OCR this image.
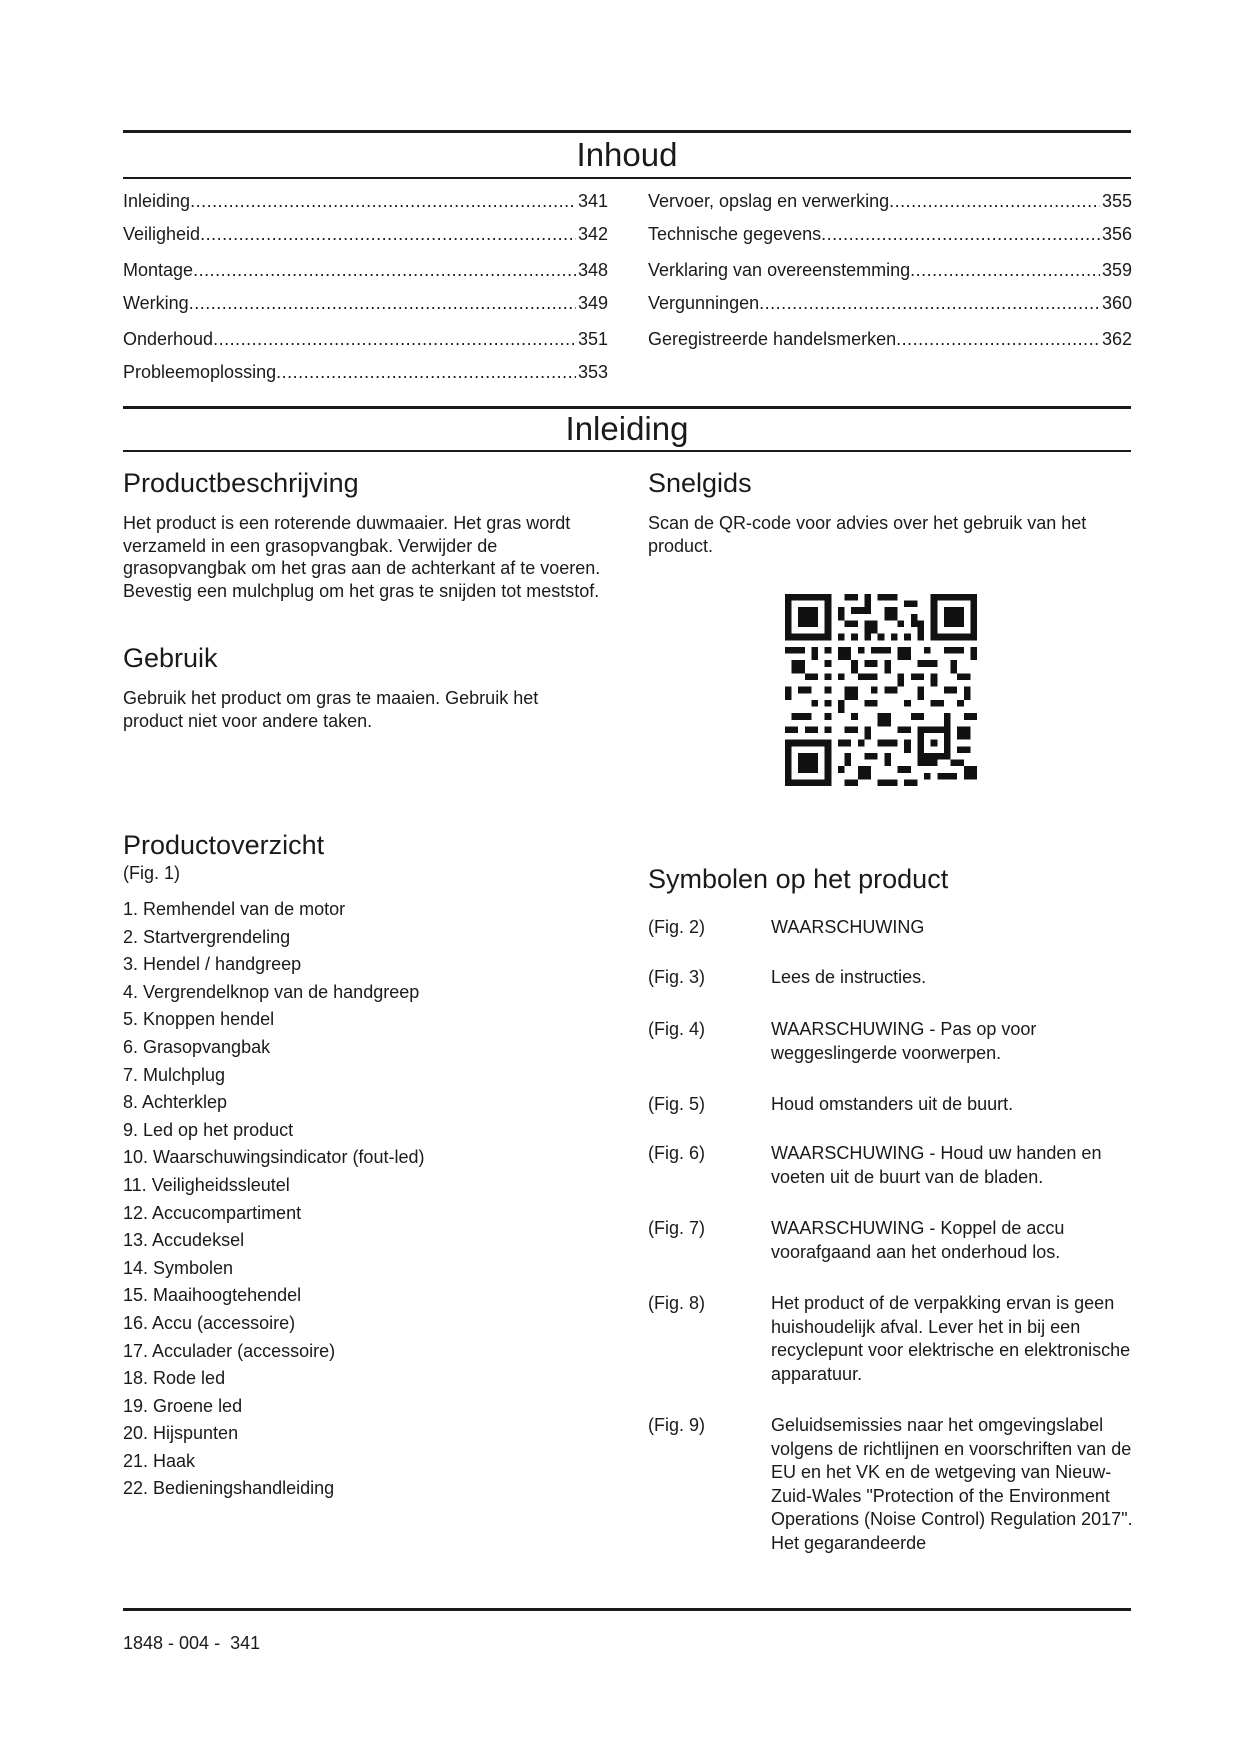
Inhoud
Inleiding .....	341
Veiligheid .....	342
Montage .....	348
Werking .....	349
Onderhoud .....	351
Probleemoplossing .....	353
Vervoer, opslag en verwerking .....	355
Technische gegevens .....	356
Verklaring van overeenstemming .....	359
Vergunningen .....	360
Geregistreerde handelsmerken .....	362
Inleiding
Productbeschrijving

Het product is een roterende duwmaaier. Het gras wordt verzameld in een grasopvangbak. Verwijder de grasopvangbak om het gras aan de achterkant af te voeren. Bevestig een mulchplug om het gras te snijden tot meststof.

Gebruik

Gebruik het product om gras te maaien. Gebruik het product niet voor andere taken.

Snelgids

Scan de QR-code voor advies over het gebruik van het product.

Productoverzicht

(Fig. 1)

1. Remhendel van de motor
2. Startvergrendeling
3. Hendel / handgreep
4. Vergrendelknop van de handgreep
5. Knoppen hendel
6. Grasopvangbak
7. Mulchplug
8. Achterklep
9. Led op het product
10. Waarschuwingsindicator (fout-led)
11. Veiligheidssleutel
12. Accucompartiment
13. Accudeksel
14. Symbolen
15. Maaihoogtehendel
16. Accu (accessoire)
17. Acculader (accessoire)
18. Rode led
19. Groene led
20. Hijspunten
21. Haak
22. Bedieningshandleiding
Symbolen op het product
(Fig. 2)	WAARSCHUWING
(Fig. 3)	Lees de instructies.
(Fig. 4)	WAARSCHUWING - Pas op voor weggeslingerde voorwerpen.
(Fig. 5)	Houd omstanders uit de buurt.
(Fig. 6)	WAARSCHUWING - Houd uw handen en voeten uit de buurt van de bladen.
(Fig. 7)	WAARSCHUWING - Koppel de accu voorafgaand aan het onderhoud los.
(Fig. 8)	Het product of de verpakking ervan is geen huishoudelijk afval. Lever het in bij een recyclepunt voor elektrische en elektronische apparatuur.
(Fig. 9)	Geluidsemissies naar het omgevingslabel volgens de richtlijnen en voorschriften van de EU en het VK en de wetgeving van Nieuw-Zuid-Wales "Protection of the Environment Operations (Noise Control) Regulation 2017". Het gegarandeerde
1848 - 004 -  341
